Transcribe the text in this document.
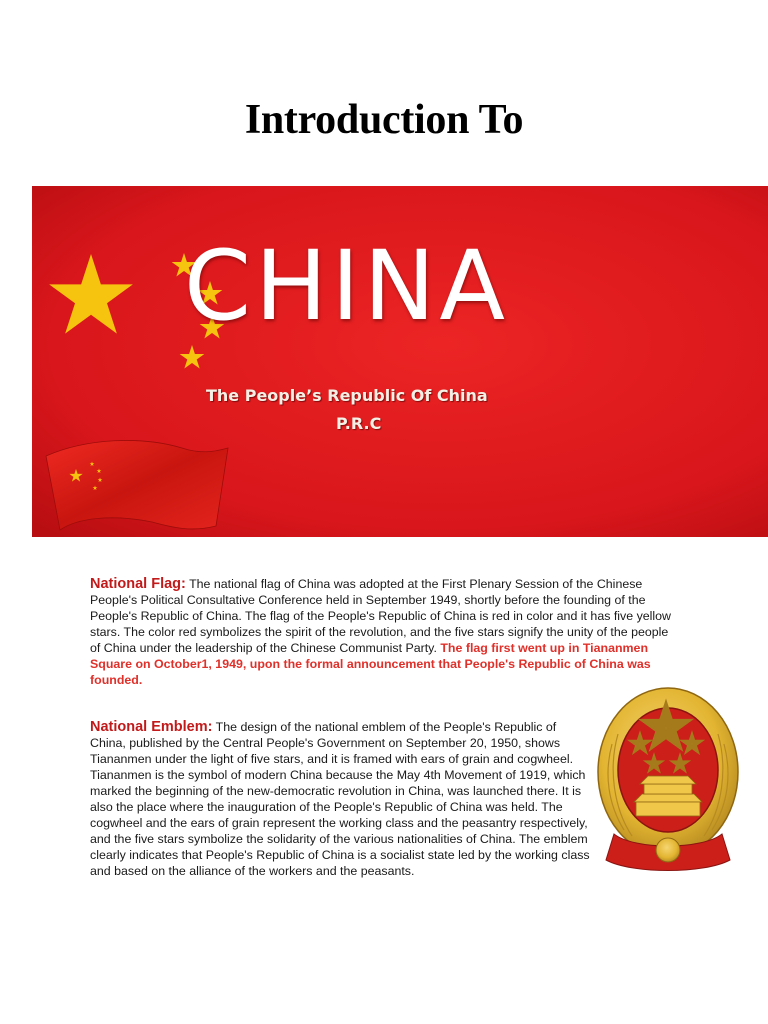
Introduction To
CHINA
The People’s Republic Of China
P.R.C

National Flag: The national flag of China was adopted at the First Plenary Session of the Chinese People's Political Consultative Conference held in September 1949, shortly before the founding of the People's Republic of China. The flag of the People's Republic of China is red in color and it has five yellow stars. The color red symbolizes the spirit of the revolution, and the five stars signify the unity of the people of China under the leadership of the Chinese Communist Party. The flag first went up in Tiananmen Square on October1, 1949, upon the formal announcement that People's Republic of China was founded.

National Emblem: The design of the national emblem of the People's Republic of China, published by the Central People's Government on September 20, 1950, shows Tiananmen under the light of five stars, and it is framed with ears of grain and cogwheel. Tiananmen is the symbol of modern China because the May 4th Movement of 1919, which marked the beginning of the new-democratic revolution in China, was launched there. It is also the place where the inauguration of the People's Republic of China was held. The cogwheel and the ears of grain represent the working class and the peasantry respectively, and the five stars symbolize the solidarity of the various nationalities of China. The emblem clearly indicates that People's Republic of China is a socialist state led by the working class and based on the alliance of the workers and the peasants.
